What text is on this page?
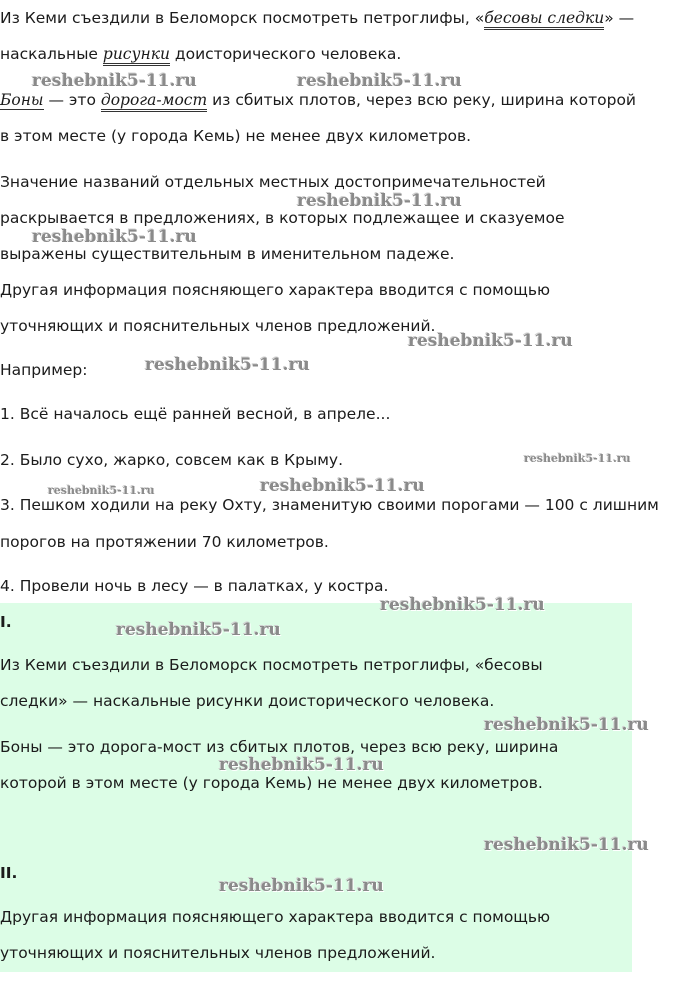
Из Кеми съездили в Беломорск посмотреть петроглифы, «бесовы следки» —
наскальные рисунки доисторического человека.
Боны — это дорога-мост из сбитых плотов, через всю реку, ширина которой
в этом месте (у города Кемь) не менее двух километров.
Значение названий отдельных местных достопримечательностей
раскрывается в предложениях, в которых подлежащее и сказуемое
выражены существительным в именительном падеже.
Другая информация поясняющего характера вводится с помощью
уточняющих и пояснительных членов предложений.
Например:
1. Всё началось ещё ранней весной, в апреле...
2. Было сухо, жарко, совсем как в Крыму.
3. Пешком ходили на реку Охту, знаменитую своими порогами — 100 с лишним
порогов на протяжении 70 километров.
4. Провели ночь в лесу — в палатках, у костра.
I.
Из Кеми съездили в Беломорск посмотреть петроглифы, «бесовы
следки» — наскальные рисунки доисторического человека.
Боны — это дорога-мост из сбитых плотов, через всю реку, ширина
которой в этом месте (у города Кемь) не менее двух километров.
II.
Другая информация поясняющего характера вводится с помощью
уточняющих и пояснительных членов предложений.
reshebnik5-11.ru	reshebnik5-11.ru
reshebnik5-11.ru
reshebnik5-11.ru
reshebnik5-11.ru
reshebnik5-11.ru
reshebnik5-11.ru
reshebnik5-11.ru	reshebnik5-11.ru
reshebnik5-11.ru
reshebnik5-11.ru
reshebnik5-11.ru
reshebnik5-11.ru
reshebnik5-11.ru
reshebnik5-11.ru
